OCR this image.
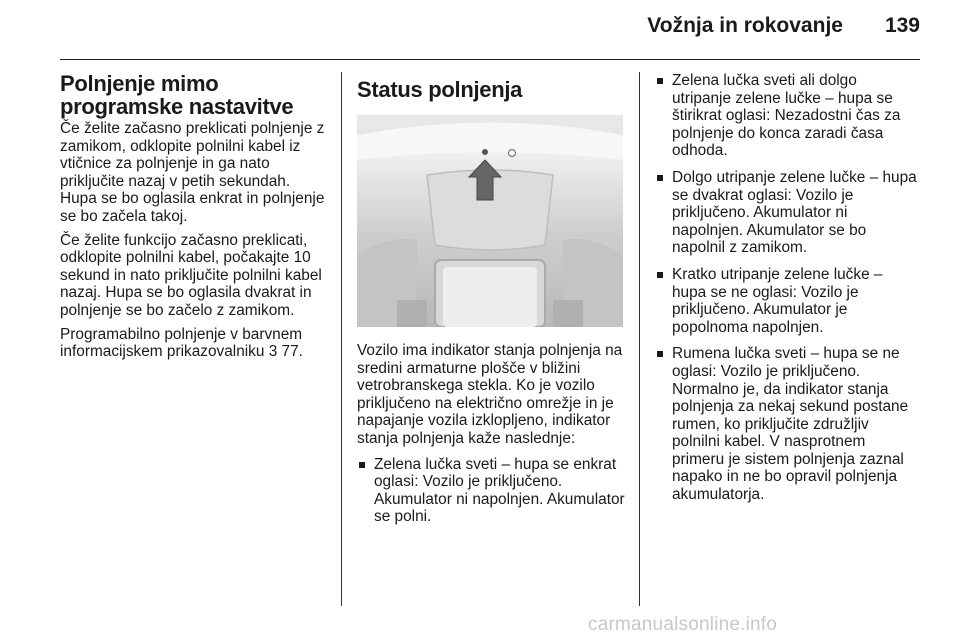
Vožnja in rokovanje 139
Polnjenje mimo programske nastavitve

Če želite začasno preklicati polnjenje z zamikom, odklopite polnilni kabel iz vtičnice za polnjenje in ga nato priključite nazaj v petih sekundah. Hupa se bo oglasila enkrat in polnjenje se bo začela takoj.

Če želite funkcijo začasno preklicati, odklopite polnilni kabel, počakajte 10 sekund in nato priključite polnilni kabel nazaj. Hupa se bo oglasila dvakrat in polnjenje se bo začelo z zamikom.

Programabilno polnjenje v barvnem informacijskem prikazovalniku 3 77.

Status polnjenja

Vozilo ima indikator stanja polnjenja na sredini armaturne plošče v bližini vetrobranskega stekla. Ko je vozilo priključeno na električno omrežje in je napajanje vozila izklopljeno, indikator stanja polnjenja kaže naslednje:

Zelena lučka sveti – hupa se enkrat oglasi: Vozilo je priključeno. Akumulator ni napolnjen. Akumulator se polni.
Zelena lučka sveti ali dolgo utripanje zelene lučke – hupa se štirikrat oglasi: Nezadostni čas za polnjenje do konca zaradi časa odhoda.
Dolgo utripanje zelene lučke – hupa se dvakrat oglasi: Vozilo je priključeno. Akumulator ni napolnjen. Akumulator se bo napolnil z zamikom.
Kratko utripanje zelene lučke – hupa se ne oglasi: Vozilo je priključeno. Akumulator je popolnoma napolnjen.
Rumena lučka sveti – hupa se ne oglasi: Vozilo je priključeno. Normalno je, da indikator stanja polnjenja za nekaj sekund postane rumen, ko priključite združljiv polnilni kabel. V nasprotnem primeru je sistem polnjenja zaznal napako in ne bo opravil polnjenja akumulatorja.
carmanualsonline.info
